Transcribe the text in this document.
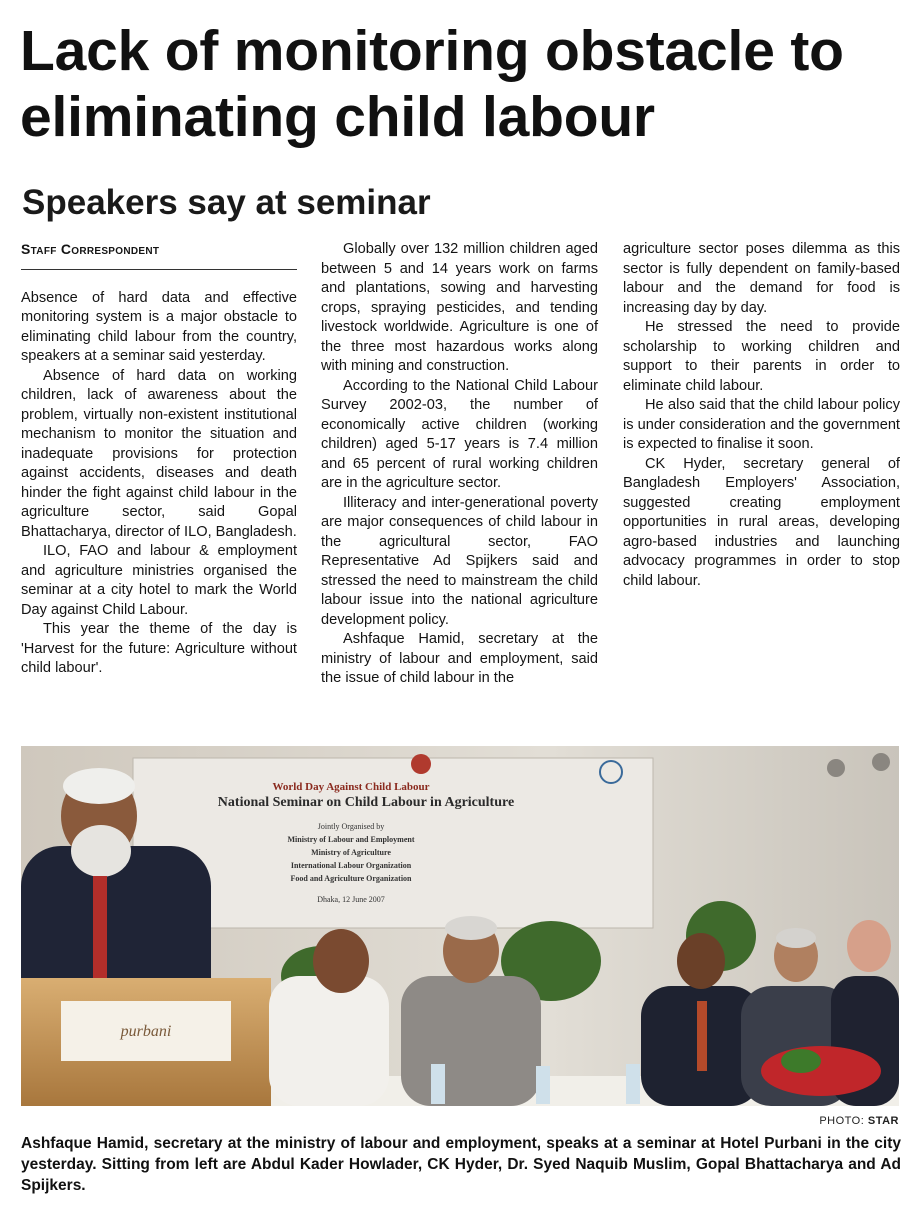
Lack of monitoring obstacle to eliminating child labour
Speakers say at seminar
Staff Correspondent

Absence of hard data and effective monitoring system is a major obstacle to eliminating child labour from the country, speakers at a seminar said yesterday.

Absence of hard data on working children, lack of awareness about the problem, virtually non-existent institutional mechanism to monitor the situation and inadequate provisions for protection against accidents, diseases and death hinder the fight against child labour in the agriculture sector, said Gopal Bhattacharya, director of ILO, Bangladesh.

ILO, FAO and labour & employment and agriculture ministries organised the seminar at a city hotel to mark the World Day against Child Labour.

This year the theme of the day is 'Harvest for the future: Agriculture without child labour'.

Globally over 132 million children aged between 5 and 14 years work on farms and plantations, sowing and harvesting crops, spraying pesticides, and tending livestock worldwide. Agriculture is one of the three most hazardous works along with mining and construction.

According to the National Child Labour Survey 2002-03, the number of economically active children (working children) aged 5-17 years is 7.4 million and 65 percent of rural working children are in the agriculture sector.

Illiteracy and inter-generational poverty are major consequences of child labour in the agricultural sector, FAO Representative Ad Spijkers said and stressed the need to mainstream the child labour issue into the national agriculture development policy.

Ashfaque Hamid, secretary at the ministry of labour and employment, said the issue of child labour in the

agriculture sector poses dilemma as this sector is fully dependent on family-based labour and the demand for food is increasing day by day.

He stressed the need to provide scholarship to working children and support to their parents in order to eliminate child labour.

He also said that the child labour policy is under consideration and the government is expected to finalise it soon.

CK Hyder, secretary general of Bangladesh Employers' Association, suggested creating employment opportunities in rural areas, developing agro-based industries and launching advocacy programmes in order to stop child labour.

World Day Against Child Labour
National Seminar on Child Labour in Agriculture
Jointly Organised by
Ministry of Labour and Employment
Ministry of Agriculture
International Labour Organization
Food and Agriculture Organization
Dhaka, 12 June 2007
purbani
PHOTO: STAR

Ashfaque Hamid, secretary at the ministry of labour and employment, speaks at a seminar at Hotel Purbani in the city yesterday. Sitting from left are Abdul Kader Howlader, CK Hyder, Dr. Syed Naquib Muslim, Gopal Bhattacharya and Ad Spijkers.
